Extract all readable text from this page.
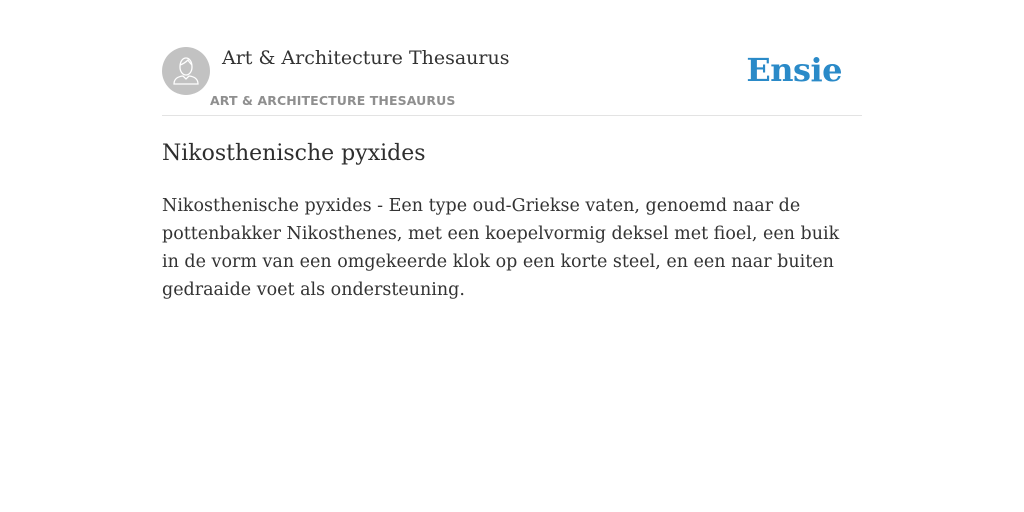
Art & Architecture Thesaurus
ART & ARCHITECTURE THESAURUS
Ensie
Nikosthenische pyxides

Nikosthenische pyxides - Een type oud-Griekse vaten, genoemd naar de pottenbakker Nikosthenes, met een koepelvormig deksel met fioel, een buik in de vorm van een omgekeerde klok op een korte steel, en een naar buiten gedraaide voet als ondersteuning.
